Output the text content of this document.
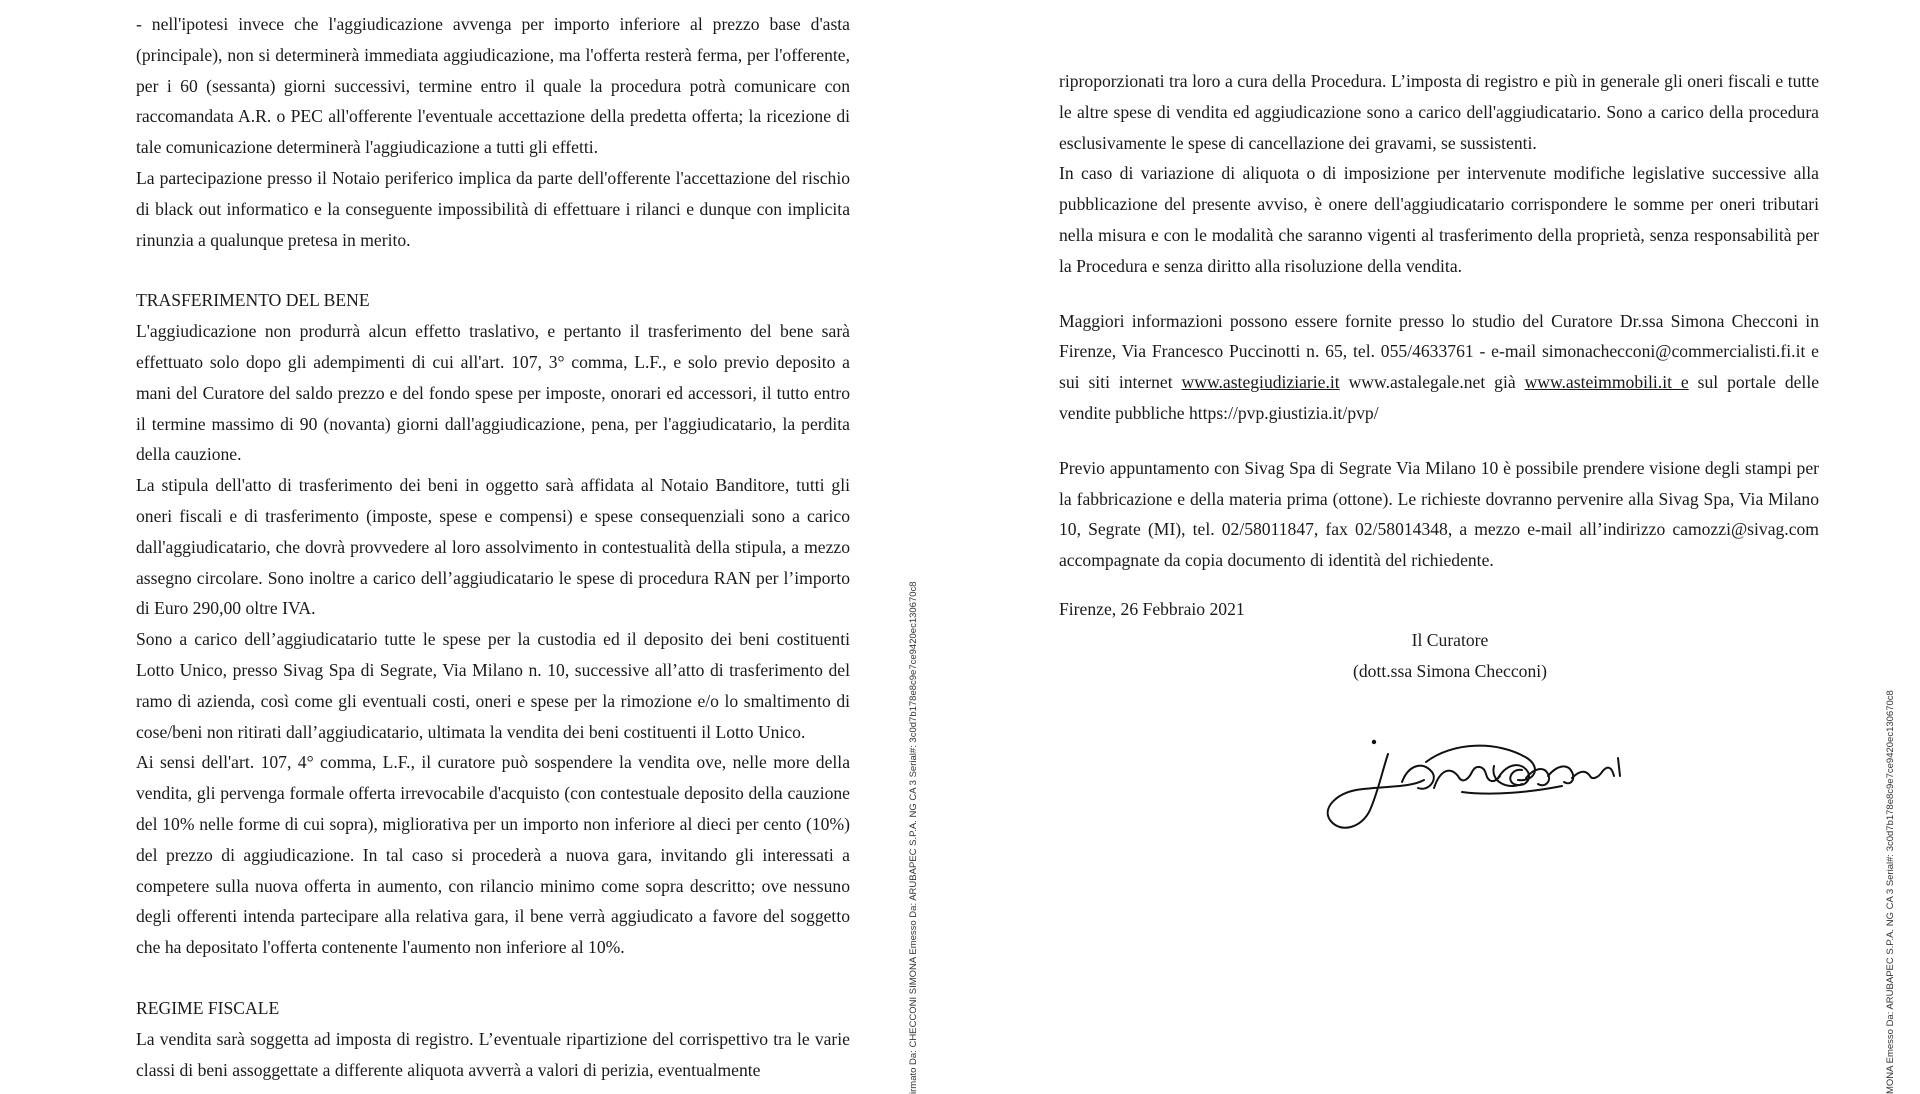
- nell'ipotesi invece che l'aggiudicazione avvenga per importo inferiore al prezzo base d'asta (principale), non si determinerà immediata aggiudicazione, ma l'offerta resterà ferma, per l'offerente, per i 60 (sessanta) giorni successivi, termine entro il quale la procedura potrà comunicare con raccomandata A.R. o PEC all'offerente l'eventuale accettazione della predetta offerta; la ricezione di tale comunicazione determinerà l'aggiudicazione a tutti gli effetti.

La partecipazione presso il Notaio periferico implica da parte dell'offerente l'accettazione del rischio di black out informatico e la conseguente impossibilità di effettuare i rilanci e dunque con implicita rinunzia a qualunque pretesa in merito.

TRASFERIMENTO DEL BENE

L'aggiudicazione non produrrà alcun effetto traslativo, e pertanto il trasferimento del bene sarà effettuato solo dopo gli adempimenti di cui all'art. 107, 3° comma, L.F., e solo previo deposito a mani del Curatore del saldo prezzo e del fondo spese per imposte, onorari ed accessori, il tutto entro il termine massimo di 90 (novanta) giorni dall'aggiudicazione, pena, per l'aggiudicatario, la perdita della cauzione.

La stipula dell'atto di trasferimento dei beni in oggetto sarà affidata al Notaio Banditore, tutti gli oneri fiscali e di trasferimento (imposte, spese e compensi) e spese consequenziali sono a carico dall'aggiudicatario, che dovrà provvedere al loro assolvimento in contestualità della stipula, a mezzo assegno circolare. Sono inoltre a carico dell’aggiudicatario le spese di procedura RAN per l’importo di Euro 290,00 oltre IVA.

Sono a carico dell’aggiudicatario tutte le spese per la custodia ed il deposito dei beni costituenti Lotto Unico, presso Sivag Spa di Segrate, Via Milano n. 10, successive all’atto di trasferimento del ramo di azienda, così come gli eventuali costi, oneri e spese per la rimozione e/o lo smaltimento di cose/beni non ritirati dall’aggiudicatario, ultimata la vendita dei beni costituenti il Lotto Unico.

Ai sensi dell'art. 107, 4° comma, L.F., il curatore può sospendere la vendita ove, nelle more della vendita, gli pervenga formale offerta irrevocabile d'acquisto (con contestuale deposito della cauzione del 10% nelle forme di cui sopra), migliorativa per un importo non inferiore al dieci per cento (10%) del prezzo di aggiudicazione. In tal caso si procederà a nuova gara, invitando gli interessati a competere sulla nuova offerta in aumento, con rilancio minimo come sopra descritto; ove nessuno degli offerenti intenda partecipare alla relativa gara, il bene verrà aggiudicato a favore del soggetto che ha depositato l'offerta contenente l'aumento non inferiore al 10%.

REGIME FISCALE

La vendita sarà soggetta ad imposta di registro. L’eventuale ripartizione del corrispettivo tra le varie classi di beni assoggettate a differente aliquota avverrà a valori di perizia, eventualmente

riproporzionati tra loro a cura della Procedura. L’imposta di registro e più in generale gli oneri fiscali e tutte le altre spese di vendita ed aggiudicazione sono a carico dell'aggiudicatario. Sono a carico della procedura esclusivamente le spese di cancellazione dei gravami, se sussistenti.

In caso di variazione di aliquota o di imposizione per intervenute modifiche legislative successive alla pubblicazione del presente avviso, è onere dell'aggiudicatario corrispondere le somme per oneri tributari nella misura e con le modalità che saranno vigenti al trasferimento della proprietà, senza responsabilità per la Procedura e senza diritto alla risoluzione della vendita.

Maggiori informazioni possono essere fornite presso lo studio del Curatore Dr.ssa Simona Checconi in Firenze, Via Francesco Puccinotti n. 65, tel. 055/4633761 - e-mail simonachecconi@commercialisti.fi.it e sui siti internet www.astegiudiziarie.it www.astalegale.net già www.asteimmobili.it e sul portale delle vendite pubbliche https://pvp.giustizia.it/pvp/

Previo appuntamento con Sivag Spa di Segrate Via Milano 10 è possibile prendere visione degli stampi per la fabbricazione e della materia prima (ottone). Le richieste dovranno pervenire alla Sivag Spa, Via Milano 10, Segrate (MI), tel. 02/58011847, fax 02/58014348, a mezzo e-mail all’indirizzo camozzi@sivag.com accompagnate da copia documento di identità del richiedente.

Firenze, 26 Febbraio 2021

Il Curatore

(dott.ssa Simona Checconi)

irmato Da: CHECCONI SIMONA Emesso Da: ARUBAPEC S.P.A. NG CA 3 Serial#: 3c0d7b178e8c9e7ce9420ec130670c8	MONA Emesso Da: ARUBAPEC S.P.A. NG CA 3 Serial#: 3c0d7b178e8c9e7ce9420ec130670c8
